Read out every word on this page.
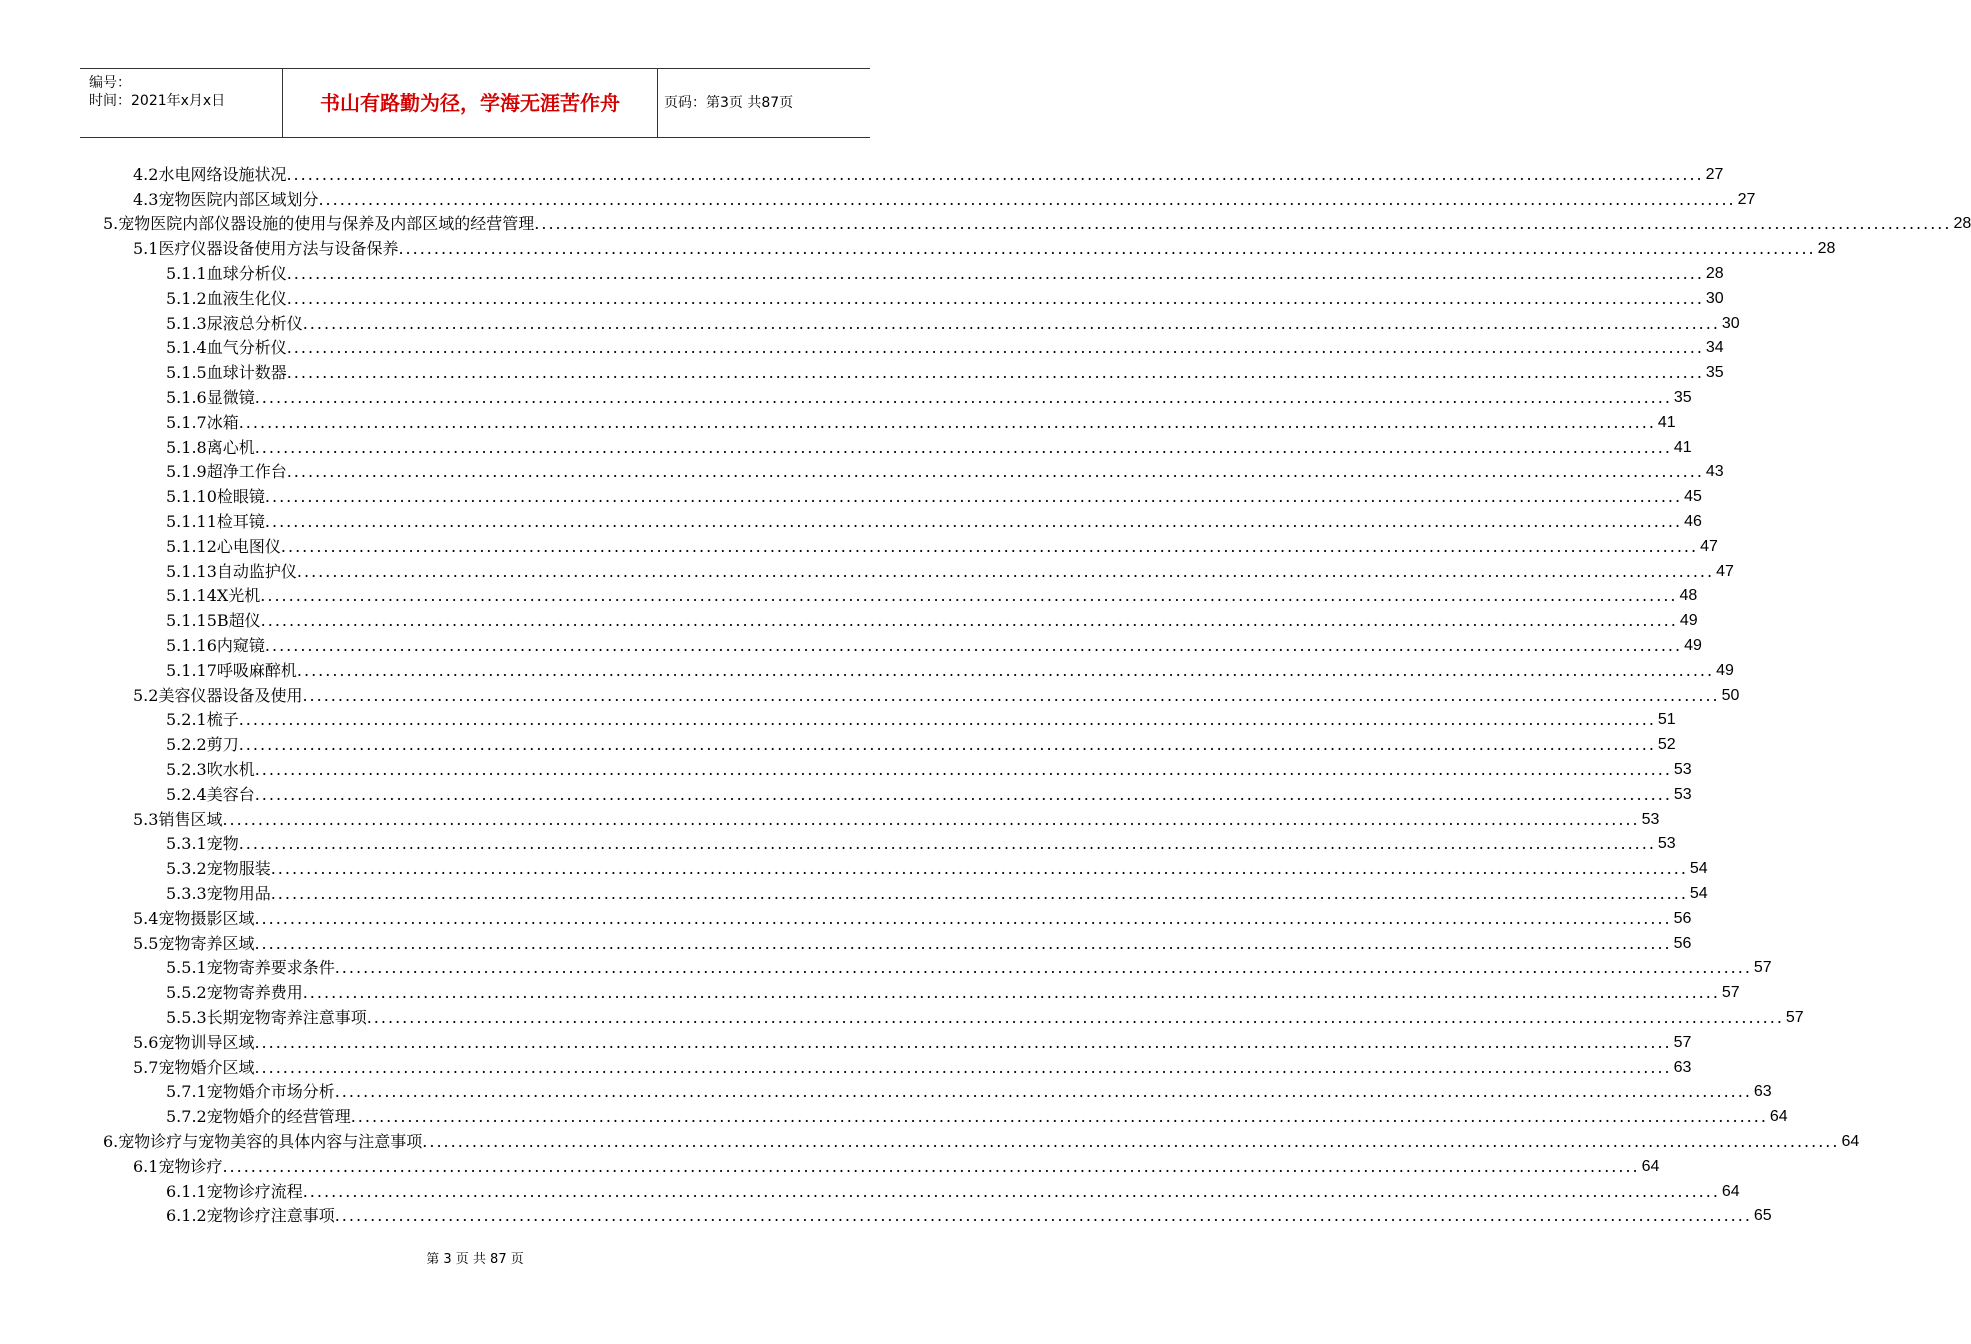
编号：
时间：2021年x月x日	书山有路勤为径，学海无涯苦作舟	页码：第3页 共87页
4.2水电网络设施状况 ........................................................................................................................................................................................................ 27
4.3宠物医院内部区域划分 ........................................................................................................................................................................................................ 27
5.宠物医院内部仪器设施的使用与保养及内部区域的经营管理 ........................................................................................................................................................................................................ 28
5.1医疗仪器设备使用方法与设备保养 ........................................................................................................................................................................................................ 28
5.1.1血球分析仪 ........................................................................................................................................................................................................ 28
5.1.2血液生化仪 ........................................................................................................................................................................................................ 30
5.1.3尿液总分析仪 ........................................................................................................................................................................................................ 30
5.1.4血气分析仪 ........................................................................................................................................................................................................ 34
5.1.5血球计数器 ........................................................................................................................................................................................................ 35
5.1.6显微镜 ........................................................................................................................................................................................................ 35
5.1.7冰箱 ........................................................................................................................................................................................................ 41
5.1.8离心机 ........................................................................................................................................................................................................ 41
5.1.9超净工作台 ........................................................................................................................................................................................................ 43
5.1.10检眼镜 ........................................................................................................................................................................................................ 45
5.1.11检耳镜 ........................................................................................................................................................................................................ 46
5.1.12心电图仪 ........................................................................................................................................................................................................ 47
5.1.13自动监护仪 ........................................................................................................................................................................................................ 47
5.1.14X光机 ........................................................................................................................................................................................................ 48
5.1.15B超仪 ........................................................................................................................................................................................................ 49
5.1.16内窥镜 ........................................................................................................................................................................................................ 49
5.1.17呼吸麻醉机 ........................................................................................................................................................................................................ 49
5.2美容仪器设备及使用 ........................................................................................................................................................................................................ 50
5.2.1梳子 ........................................................................................................................................................................................................ 51
5.2.2剪刀 ........................................................................................................................................................................................................ 52
5.2.3吹水机 ........................................................................................................................................................................................................ 53
5.2.4美容台 ........................................................................................................................................................................................................ 53
5.3销售区域 ........................................................................................................................................................................................................ 53
5.3.1宠物 ........................................................................................................................................................................................................ 53
5.3.2宠物服装 ........................................................................................................................................................................................................ 54
5.3.3宠物用品 ........................................................................................................................................................................................................ 54
5.4宠物摄影区域 ........................................................................................................................................................................................................ 56
5.5宠物寄养区域 ........................................................................................................................................................................................................ 56
5.5.1宠物寄养要求条件 ........................................................................................................................................................................................................ 57
5.5.2宠物寄养费用 ........................................................................................................................................................................................................ 57
5.5.3长期宠物寄养注意事项 ........................................................................................................................................................................................................ 57
5.6宠物训导区域 ........................................................................................................................................................................................................ 57
5.7宠物婚介区域 ........................................................................................................................................................................................................ 63
5.7.1宠物婚介市场分析 ........................................................................................................................................................................................................ 63
5.7.2宠物婚介的经营管理 ........................................................................................................................................................................................................ 64
6.宠物诊疗与宠物美容的具体内容与注意事项 ........................................................................................................................................................................................................ 64
6.1宠物诊疗 ........................................................................................................................................................................................................ 64
6.1.1宠物诊疗流程 ........................................................................................................................................................................................................ 64
6.1.2宠物诊疗注意事项 ........................................................................................................................................................................................................ 65
第 3 页 共 87 页
